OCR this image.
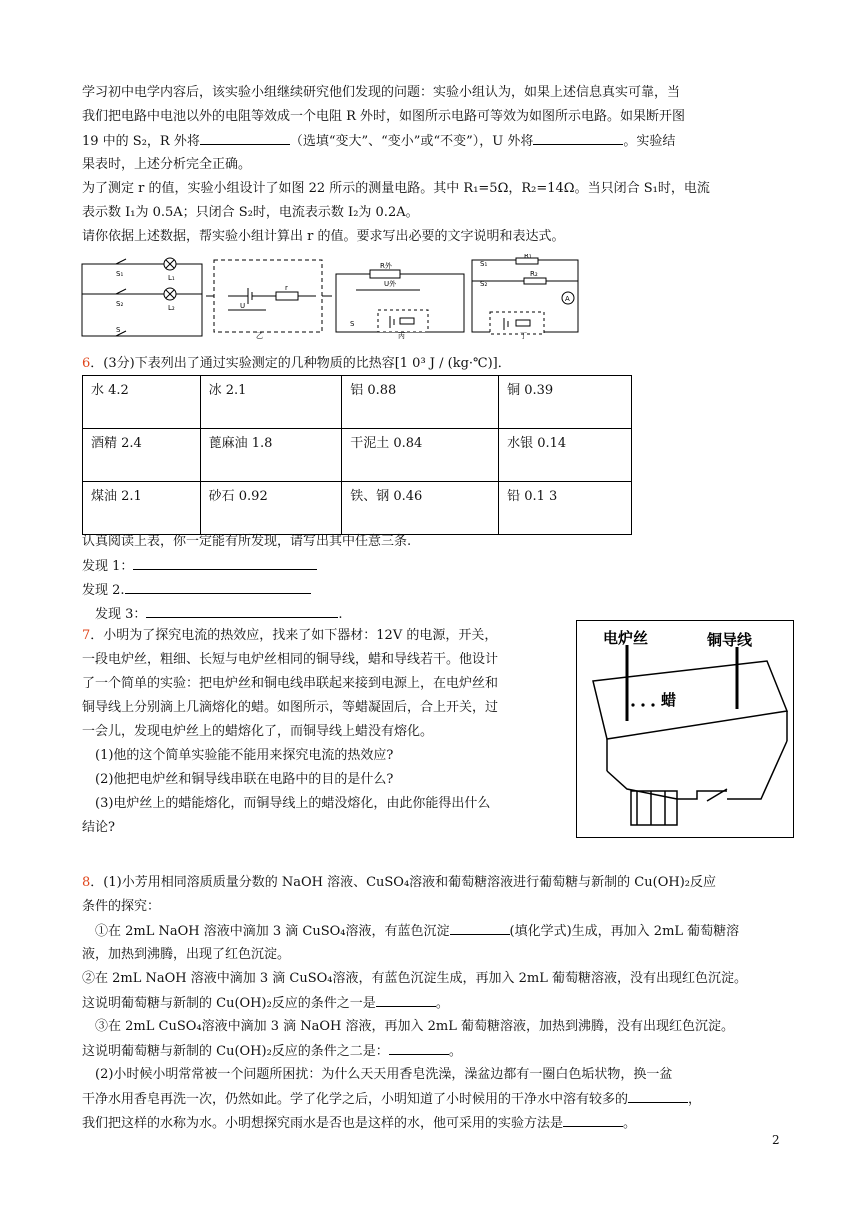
学习初中电学内容后，该实验小组继续研究他们发现的问题：实验小组认为，如果上述信息真实可靠，当
我们把电路中电池以外的电阻等效成一个电阻 R 外时，如图所示电路可等效为如图所示电路。如果断开图
19 中的 S₂，R 外将	（选填“变大”、“变小”或“不变”），U 外将	。实验结
果表时，上述分析完全正确。
为了测定 r 的值，实验小组设计了如图 22 所示的测量电路。其中 R₁=5Ω，R₂=14Ω。当只闭合 S₁时，电流
表示数 I₁为 0.5A；只闭合 S₂时，电流表示数 I₂为 0.2A。
请你依据上述数据，帮实验小组计算出 r 的值。要求写出必要的文字说明和表达式。
S₁
S₂
S
L₁
L₂	U
r
乙
R外
U外
S
丙
S₁
S₂
R₁
R₂
A
丁
6．(3分)下表列出了通过实验测定的几种物质的比热容[1 0³ J / (kg·℃)]．
水 4.2	冰 2.1	铝 0.88	铜 0.39
酒精 2.4	蓖麻油 1.8	干泥土 0.84	水银 0.14
煤油 2.1	砂石 0.92	铁、钢 0.46	铅 0.1 3
认真阅读上表，你一定能有所发现，请写出其中任意三条.
发现 1：
发现 2.
发现 3：	.
7．小明为了探究电流的热效应，找来了如下器材：12V 的电源，开关，
一段电炉丝，粗细、长短与电炉丝相同的铜导线，蜡和导线若干。他设计
了一个简单的实验：把电炉丝和铜电线串联起来接到电源上，在电炉丝和
铜导线上分别滴上几滴熔化的蜡。如图所示，等蜡凝固后，合上开关，过
一会儿，发现电炉丝上的蜡熔化了，而铜导线上蜡没有熔化。
(1)他的这个简单实验能不能用来探究电流的热效应?
(2)他把电炉丝和铜导线串联在电路中的目的是什么?
(3)电炉丝上的蜡能熔化，而铜导线上的蜡没熔化，由此你能得出什么
结论?
电炉丝	铜导线
蜡
8．(1)小芳用相同溶质质量分数的 NaOH 溶液、CuSO₄溶液和葡萄糖溶液进行葡萄糖与新制的 Cu(OH)₂反应
条件的探究：
①在 2mL NaOH 溶液中滴加 3 滴 CuSO₄溶液，有蓝色沉淀	(填化学式)生成，再加入 2mL 葡萄糖溶
液，加热到沸腾，出现了红色沉淀。
②在 2mL NaOH 溶液中滴加 3 滴 CuSO₄溶液，有蓝色沉淀生成，再加入 2mL 葡萄糖溶液，没有出现红色沉淀。
这说明葡萄糖与新制的 Cu(OH)₂反应的条件之一是	。
③在 2mL CuSO₄溶液中滴加 3 滴 NaOH 溶液，再加入 2mL 葡萄糖溶液，加热到沸腾，没有出现红色沉淀。
这说明葡萄糖与新制的 Cu(OH)₂反应的条件之二是：	。
(2)小时候小明常常被一个问题所困扰：为什么天天用香皂洗澡，澡盆边都有一圈白色垢状物，换一盆
干净水用香皂再洗一次，仍然如此。学了化学之后，小明知道了小时候用的干净水中溶有较多的	，
我们把这样的水称为水。小明想探究雨水是否也是这样的水，他可采用的实验方法是	。
2
